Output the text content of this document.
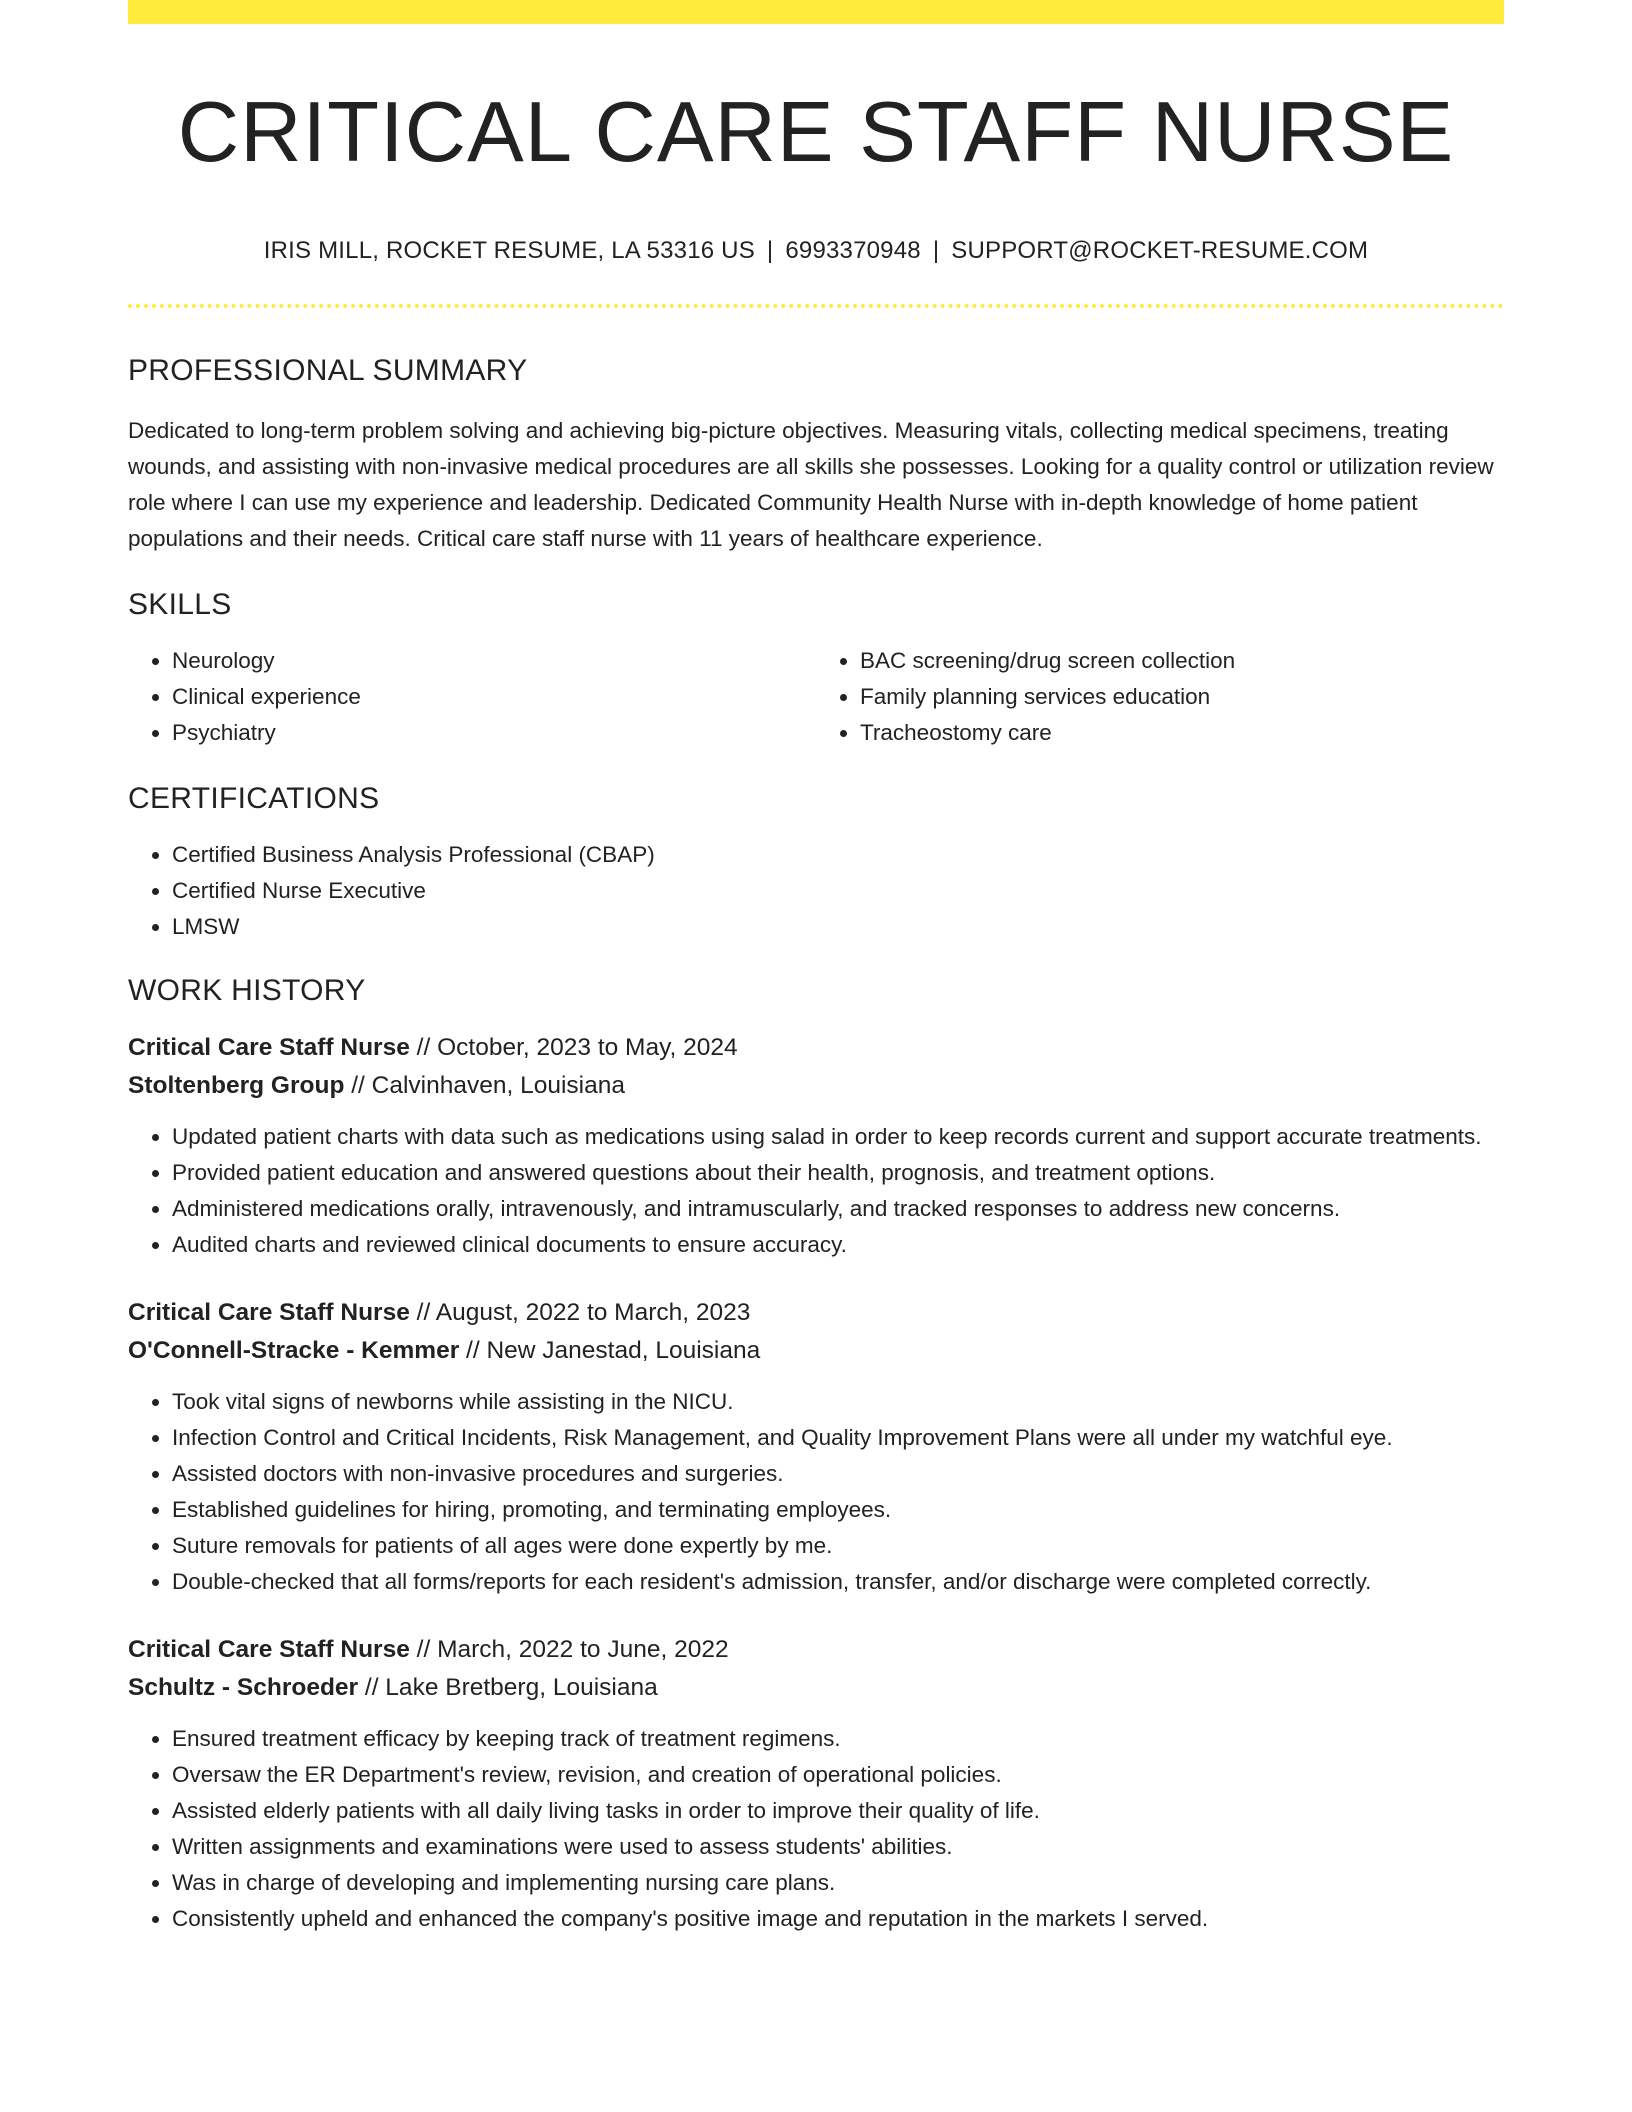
CRITICAL CARE STAFF NURSE
IRIS MILL, ROCKET RESUME, LA 53316 US | 6993370948 | SUPPORT@ROCKET-RESUME.COM
PROFESSIONAL SUMMARY

Dedicated to long-term problem solving and achieving big-picture objectives. Measuring vitals, collecting medical specimens, treating wounds, and assisting with non-invasive medical procedures are all skills she possesses. Looking for a quality control or utilization review role where I can use my experience and leadership. Dedicated Community Health Nurse with in-depth knowledge of home patient populations and their needs. Critical care staff nurse with 11 years of healthcare experience.

SKILLS
• Neurology
• Clinical experience
• Psychiatry
• BAC screening/drug screen collection
• Family planning services education
• Tracheostomy care
CERTIFICATIONS
• Certified Business Analysis Professional (CBAP)
• Certified Nurse Executive
• LMSW
WORK HISTORY
Critical Care Staff Nurse // October, 2023 to May, 2024
Stoltenberg Group // Calvinhaven, Louisiana
• Updated patient charts with data such as medications using salad in order to keep records current and support accurate treatments.
• Provided patient education and answered questions about their health, prognosis, and treatment options.
• Administered medications orally, intravenously, and intramuscularly, and tracked responses to address new concerns.
• Audited charts and reviewed clinical documents to ensure accuracy.
Critical Care Staff Nurse // August, 2022 to March, 2023
O'Connell-Stracke - Kemmer // New Janestad, Louisiana
• Took vital signs of newborns while assisting in the NICU.
• Infection Control and Critical Incidents, Risk Management, and Quality Improvement Plans were all under my watchful eye.
• Assisted doctors with non-invasive procedures and surgeries.
• Established guidelines for hiring, promoting, and terminating employees.
• Suture removals for patients of all ages were done expertly by me.
• Double-checked that all forms/reports for each resident's admission, transfer, and/or discharge were completed correctly.
Critical Care Staff Nurse // March, 2022 to June, 2022
Schultz - Schroeder // Lake Bretberg, Louisiana
• Ensured treatment efficacy by keeping track of treatment regimens.
• Oversaw the ER Department's review, revision, and creation of operational policies.
• Assisted elderly patients with all daily living tasks in order to improve their quality of life.
• Written assignments and examinations were used to assess students' abilities.
• Was in charge of developing and implementing nursing care plans.
• Consistently upheld and enhanced the company's positive image and reputation in the markets I served.
